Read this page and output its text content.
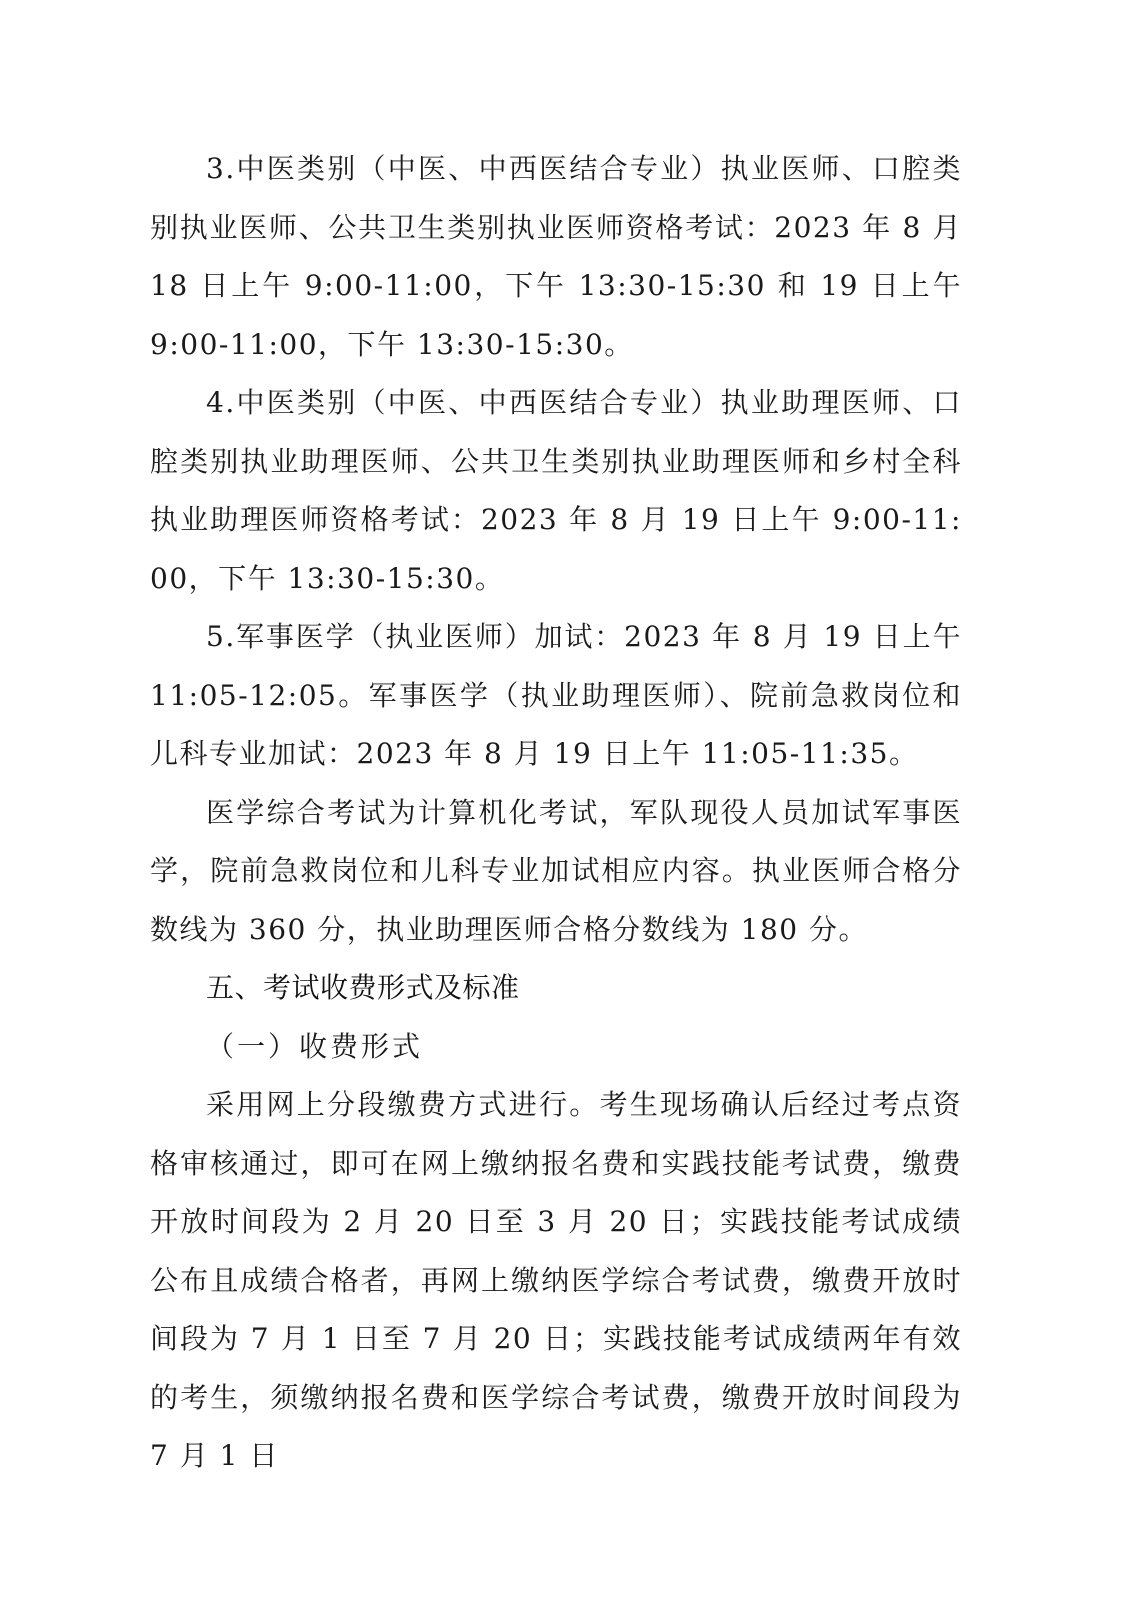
3.中医类别（中医、中西医结合专业）执业医师、口腔类别执业医师、公共卫生类别执业医师资格考试：2023 年 8 月 18 日上午 9:00-11:00，下午 13:30-15:30 和 19 日上午 9:00-11:00，下午 13:30-15:30。

4.中医类别（中医、中西医结合专业）执业助理医师、口腔类别执业助理医师、公共卫生类别执业助理医师和乡村全科执业助理医师资格考试：2023 年 8 月 19 日上午 9:00-11:00，下午 13:30-15:30。

5.军事医学（执业医师）加试：2023 年 8 月 19 日上午 11:05-12:05。军事医学（执业助理医师）、院前急救岗位和儿科专业加试：2023 年 8 月 19 日上午 11:05-11:35。

医学综合考试为计算机化考试，军队现役人员加试军事医学，院前急救岗位和儿科专业加试相应内容。执业医师合格分数线为 360 分，执业助理医师合格分数线为 180 分。

五、考试收费形式及标准
（一）收费形式

采用网上分段缴费方式进行。考生现场确认后经过考点资格审核通过，即可在网上缴纳报名费和实践技能考试费，缴费开放时间段为 2 月 20 日至 3 月 20 日；实践技能考试成绩公布且成绩合格者，再网上缴纳医学综合考试费，缴费开放时间段为 7 月 1 日至 7 月 20 日；实践技能考试成绩两年有效的考生，须缴纳报名费和医学综合考试费，缴费开放时间段为 7 月 1 日
